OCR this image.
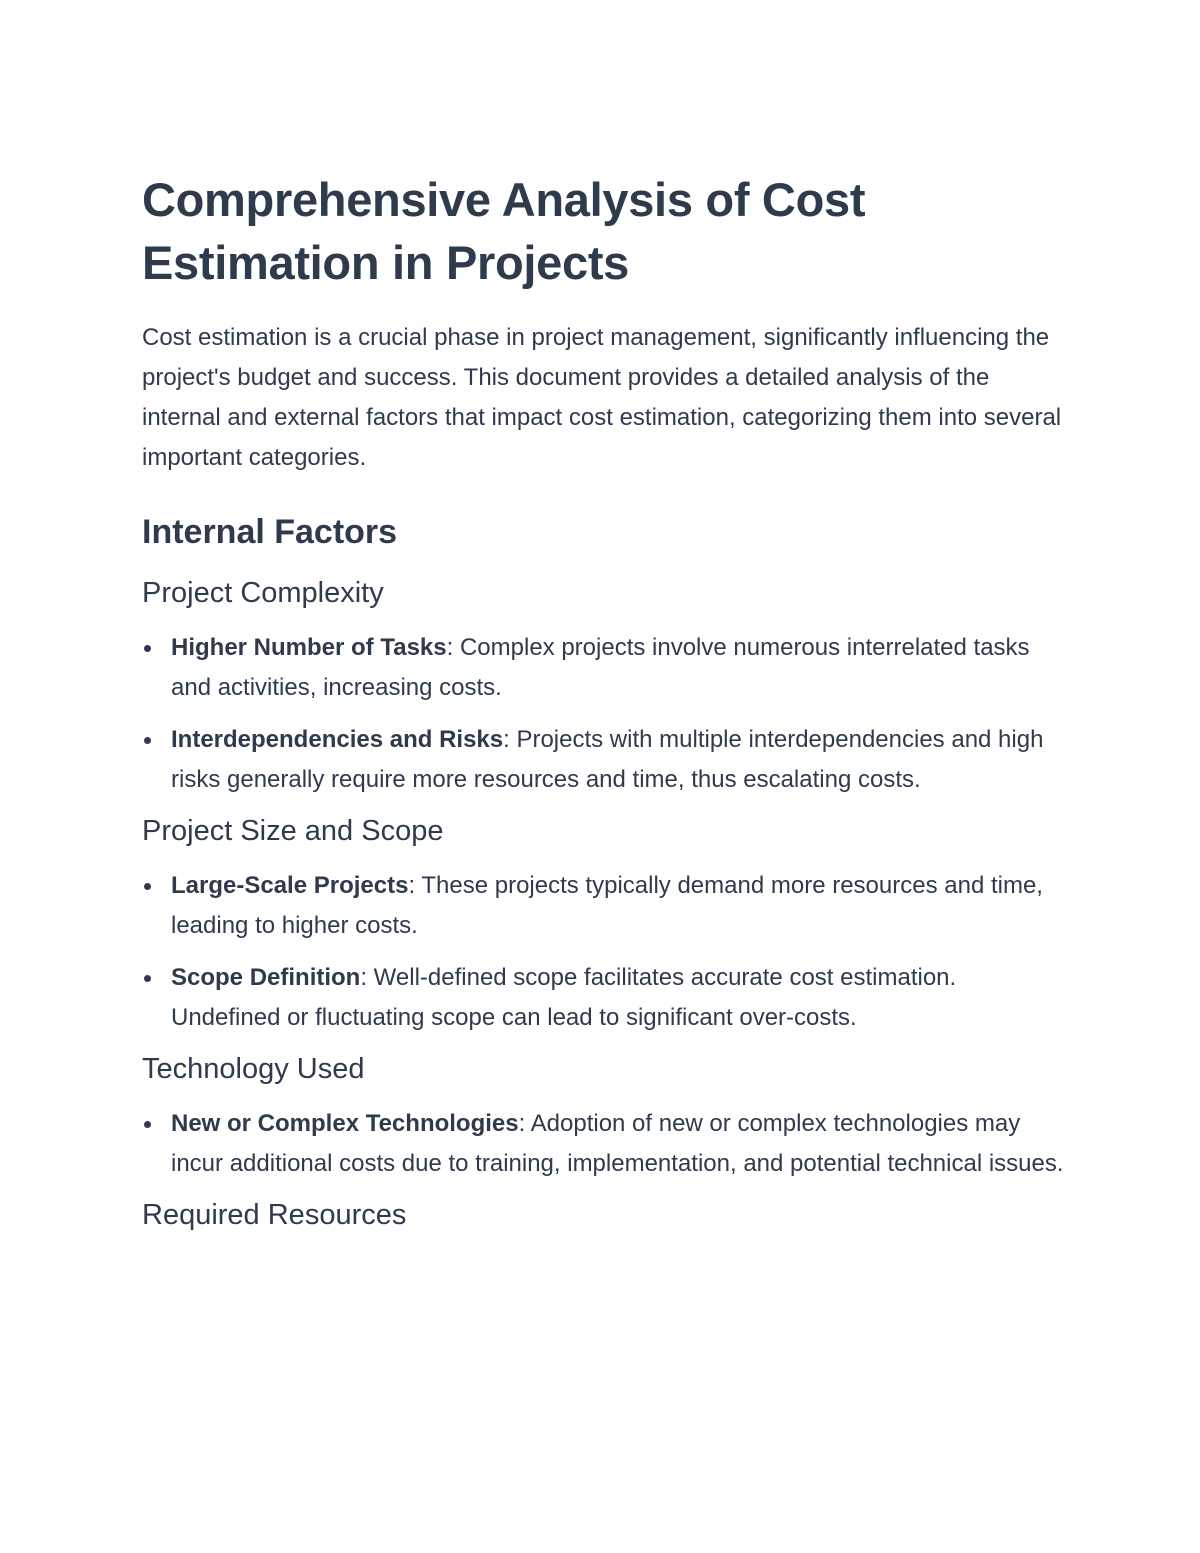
Comprehensive Analysis of Cost Estimation in Projects

Cost estimation is a crucial phase in project management, significantly influencing the project's budget and success. This document provides a detailed analysis of the internal and external factors that impact cost estimation, categorizing them into several important categories.

Internal Factors
Project Complexity
Higher Number of Tasks: Complex projects involve numerous interrelated tasks and activities, increasing costs.
Interdependencies and Risks: Projects with multiple interdependencies and high risks generally require more resources and time, thus escalating costs.
Project Size and Scope
Large-Scale Projects: These projects typically demand more resources and time, leading to higher costs.
Scope Definition: Well-defined scope facilitates accurate cost estimation. Undefined or fluctuating scope can lead to significant over-costs.
Technology Used
New or Complex Technologies: Adoption of new or complex technologies may incur additional costs due to training, implementation, and potential technical issues.
Required Resources
